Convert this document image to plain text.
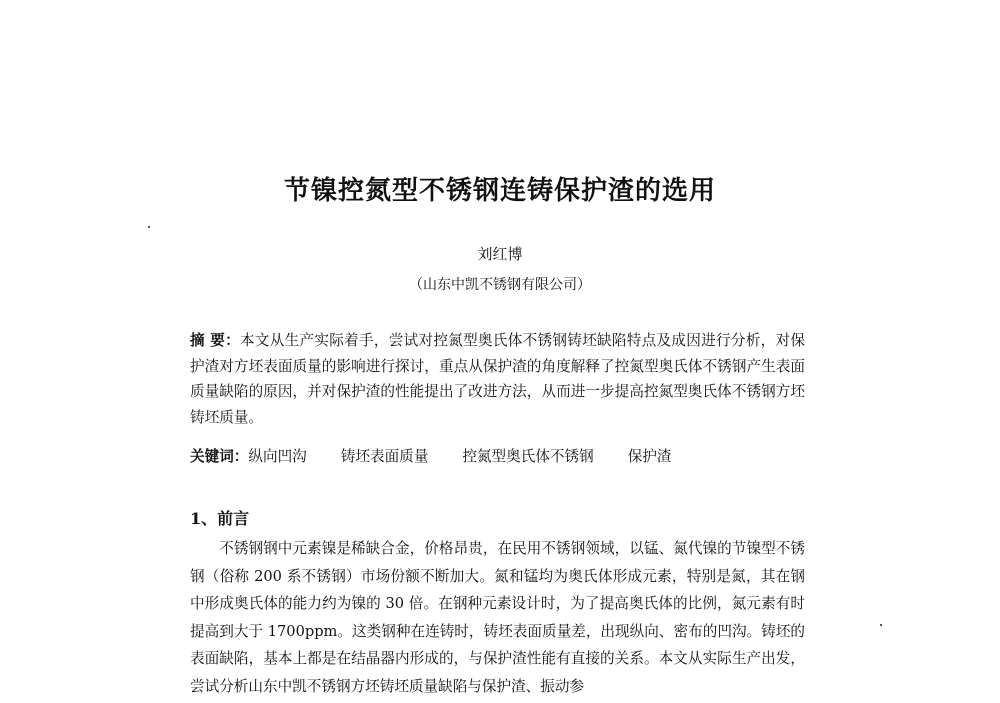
节镍控氮型不锈钢连铸保护渣的选用
刘红博
（山东中凯不锈钢有限公司）
摘 要：本文从生产实际着手，尝试对控氮型奥氏体不锈钢铸坯缺陷特点及成因进行分析，对保护渣对方坯表面质量的影响进行探讨，重点从保护渣的角度解释了控氮型奥氏体不锈钢产生表面质量缺陷的原因，并对保护渣的性能提出了改进方法，从而进一步提高控氮型奥氏体不锈钢方坯铸坯质量。
关键词：纵向凹沟 铸坯表面质量 控氮型奥氏体不锈钢 保护渣
1、前言
不锈钢钢中元素镍是稀缺合金，价格昂贵，在民用不锈钢领域，以锰、氮代镍的节镍型不锈钢（俗称 200 系不锈钢）市场份额不断加大。氮和锰均为奥氏体形成元素，特别是氮，其在钢中形成奥氏体的能力约为镍的 30 倍。在钢种元素设计时，为了提高奥氏体的比例，氮元素有时提高到大于 1700ppm。这类钢种在连铸时，铸坯表面质量差，出现纵向、密布的凹沟。铸坯的表面缺陷，基本上都是在结晶器内形成的，与保护渣性能有直接的关系。本文从实际生产出发，尝试分析山东中凯不锈钢方坯铸坯质量缺陷与保护渣、振动参
